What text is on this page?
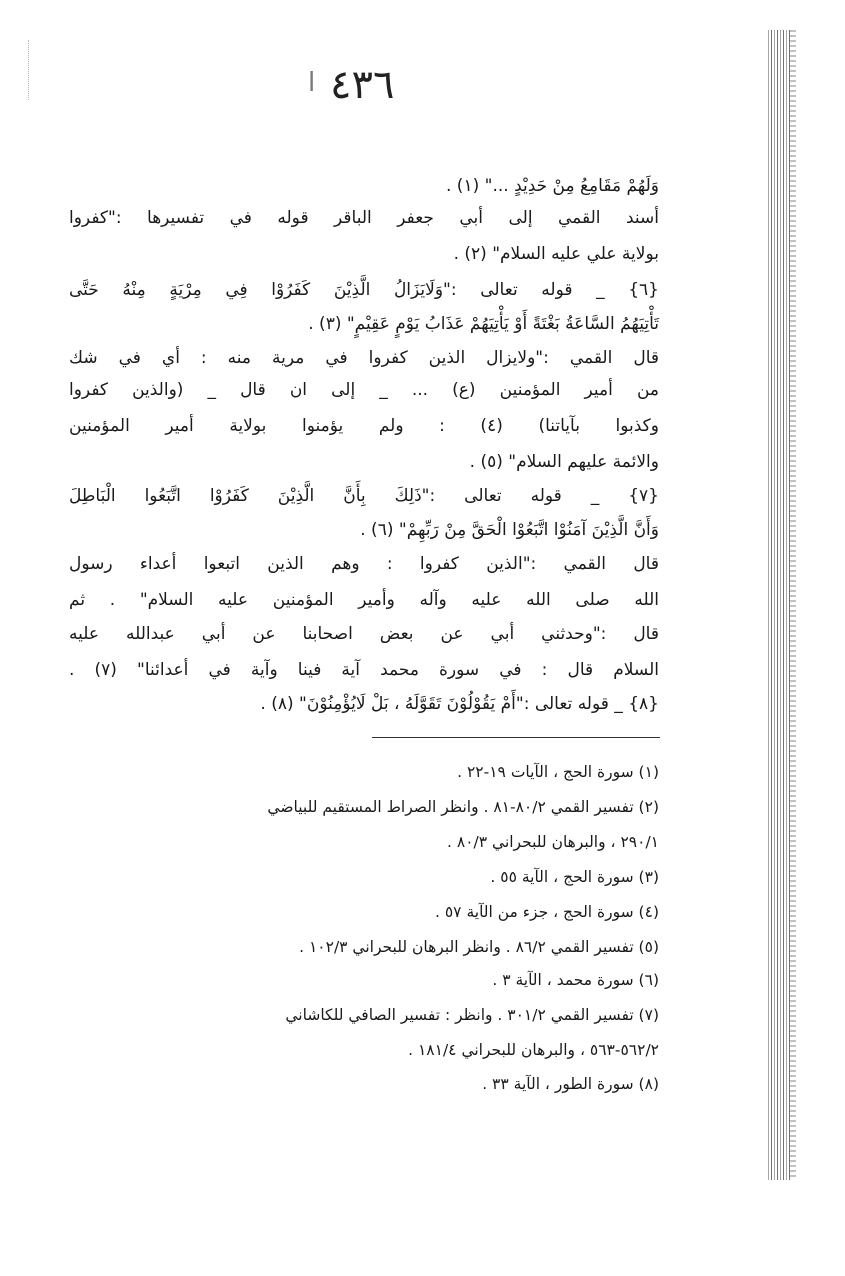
ا ٤٣٦
وَلَهُمْ مَقَامِعُ مِنْ حَدِيْدٍ ..." (١) .
أسند القمي إلى أبي جعفر الباقر قوله في تفسيرها :"كفروا
بولاية علي عليه السلام" (٢) .
{٦} _ قوله تعالى :"وَلَايَزَالُ الَّذِيْنَ كَفَرُوْا فِي مِرْيَةٍ مِنْهُ حَتَّى
تَأْتِيَهُمُ السَّاعَةُ بَغْتَةً أَوْ يَأْتِيَهُمْ عَذَابُ يَوْمٍ عَقِيْمٍ" (٣) .
قال القمي :"ولايزال الذين كفروا في مرية منه : أي في شك
من أمير المؤمنين (ع) ... _ إلى ان قال _ (والذين كفروا
وكذبوا بآياتنا) (٤) : ولم يؤمنوا بولاية أمير المؤمنين
والائمة عليهم السلام" (٥) .
{٧} _ قوله تعالى :"ذَلِكَ بِأَنَّ الَّذِيْنَ كَفَرُوْا اتَّبَعُوا الْبَاطِلَ
وَأَنَّ الَّذِيْنَ آمَنُوْا اتَّبَعُوْا الْحَقَّ مِنْ رَبِّهِمْ" (٦) .
قال القمي :"الذين كفروا : وهم الذين اتبعوا أعداء رسول
الله صلى الله عليه وآله وأمير المؤمنين عليه السلام" . ثم
قال :"وحدثني أبي عن بعض اصحابنا عن أبي عبدالله عليه
السلام قال : في سورة محمد آية فينا وآية في أعدائنا" (٧) .
{٨} _ قوله تعالى :"أَمْ يَقُوْلُوْنَ تَقَوَّلَهُ ، بَلْ لَايُؤْمِنُوْنَ" (٨) .
(١) سورة الحج ، الآيات ١٩-٢٢ .
(٢) تفسير القمي ٨٠/٢-٨١ . وانظر الصراط المستقيم للبياضي
٢٩٠/١ ، والبرهان للبحراني ٨٠/٣ .
(٣) سورة الحج ، الآية ٥٥ .
(٤) سورة الحج ، جزء من الآية ٥٧ .
(٥) تفسير القمي ٨٦/٢ . وانظر البرهان للبحراني ١٠٢/٣ .
(٦) سورة محمد ، الآية ٣ .
(٧) تفسير القمي ٣٠١/٢ . وانظر : تفسير الصافي للكاشاني
٥٦٢/٢-٥٦٣ ، والبرهان للبحراني ١٨١/٤ .
(٨) سورة الطور ، الآية ٣٣ .
